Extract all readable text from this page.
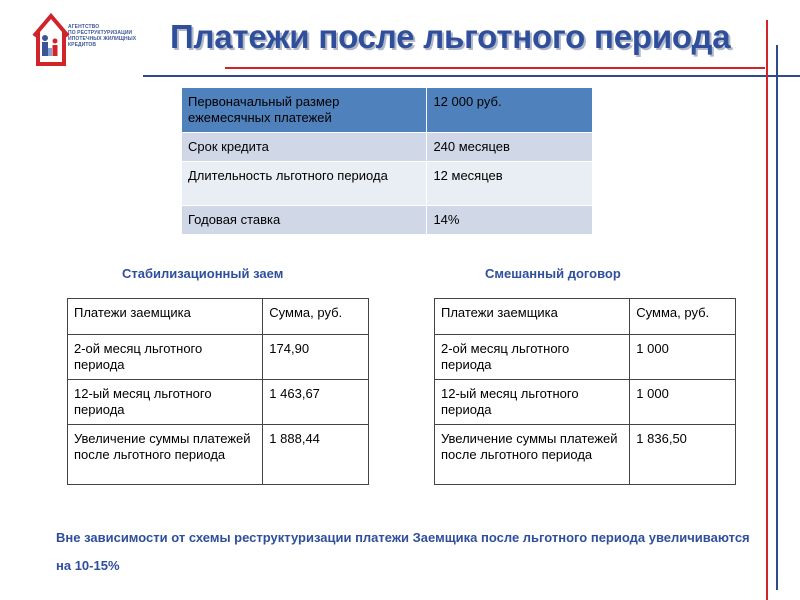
АГЕНТСТВО
ПО РЕСТРУКТУРИЗАЦИИ
ИПОТЕЧНЫХ ЖИЛИЩНЫХ
КРЕДИТОВ	Платежи после льготного периода
Первоначальный размер ежемесячных платежей	12 000 руб.
Срок кредита	240 месяцев
Длительность льготного периода	12 месяцев
Годовая ставка	14%
Стабилизационный заем	Смешанный договор
Платежи заемщика	Сумма, руб.
2-ой месяц льготного периода	174,90
12-ый месяц льготного периода	1 463,67
Увеличение суммы платежей после льготного периода	1 888,44
Платежи заемщика	Сумма, руб.
2-ой месяц льготного периода	1 000
12-ый месяц льготного периода	1 000
Увеличение суммы платежей после льготного периода	1 836,50
Вне зависимости от схемы реструктуризации платежи Заемщика после льготного периода увеличиваются на 10-15%
